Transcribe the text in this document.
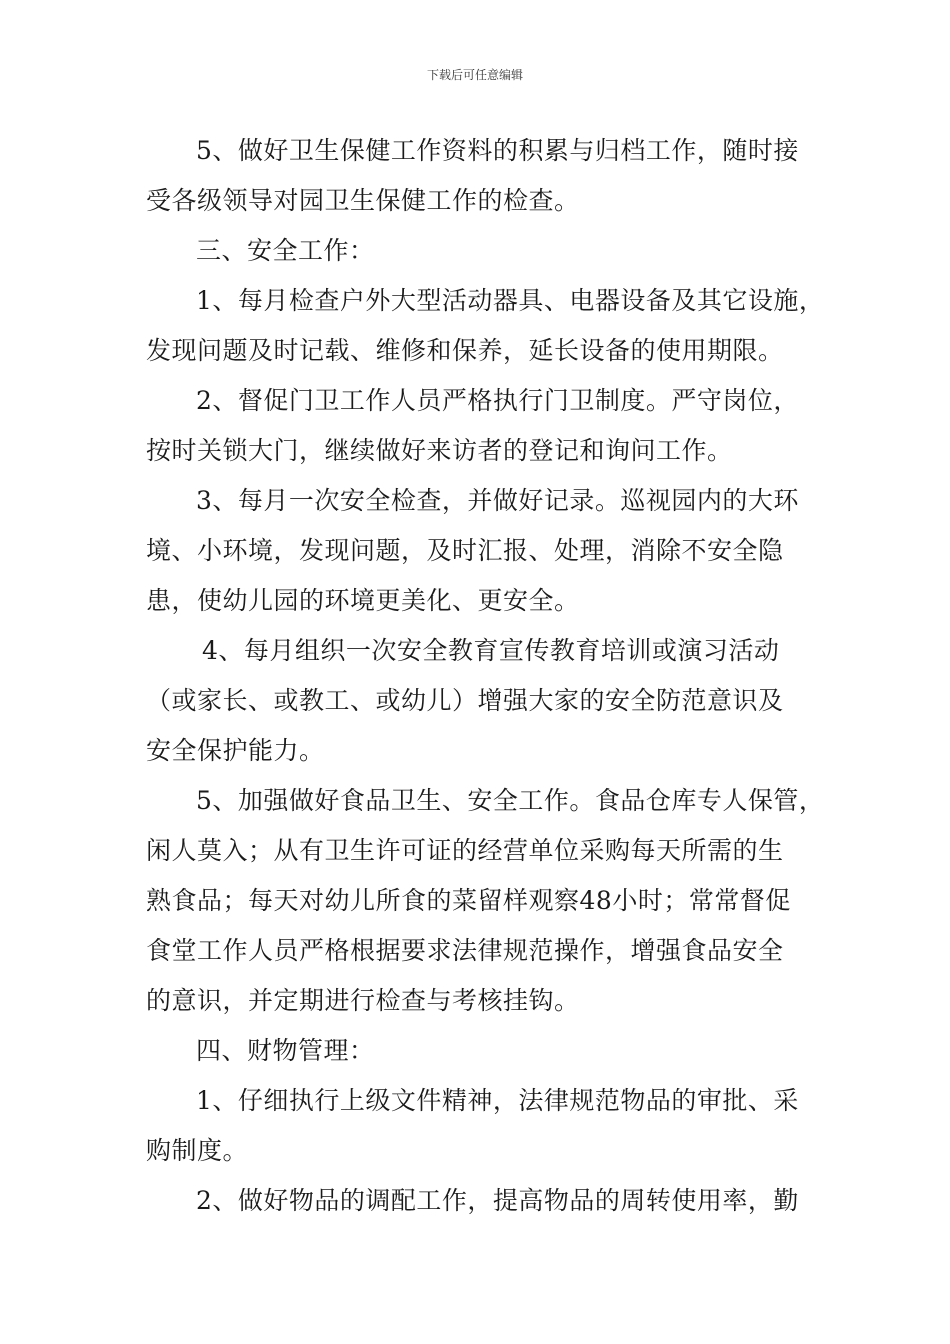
下载后可任意编辑
5、做好卫生保健工作资料的积累与归档工作，随时接
受各级领导对园卫生保健工作的检查。
三、安全工作：
1、每月检查户外大型活动器具、电器设备及其它设施，
发现问题及时记载、维修和保养，延长设备的使用期限。
2、督促门卫工作人员严格执行门卫制度。严守岗位，
按时关锁大门，继续做好来访者的登记和询问工作。
3、每月一次安全检查，并做好记录。巡视园内的大环
境、小环境，发现问题，及时汇报、处理，消除不安全隐
患，使幼儿园的环境更美化、更安全。
4、每月组织一次安全教育宣传教育培训或演习活动
（或家长、或教工、或幼儿）增强大家的安全防范意识及
安全保护能力。
5、加强做好食品卫生、安全工作。食品仓库专人保管，
闲人莫入；从有卫生许可证的经营单位采购每天所需的生
熟食品；每天对幼儿所食的菜留样观察48小时；常常督促
食堂工作人员严格根据要求法律规范操作，增强食品安全
的意识，并定期进行检查与考核挂钩。
四、财物管理：
1、仔细执行上级文件精神，法律规范物品的审批、采
购制度。
2、做好物品的调配工作，提高物品的周转使用率，勤
